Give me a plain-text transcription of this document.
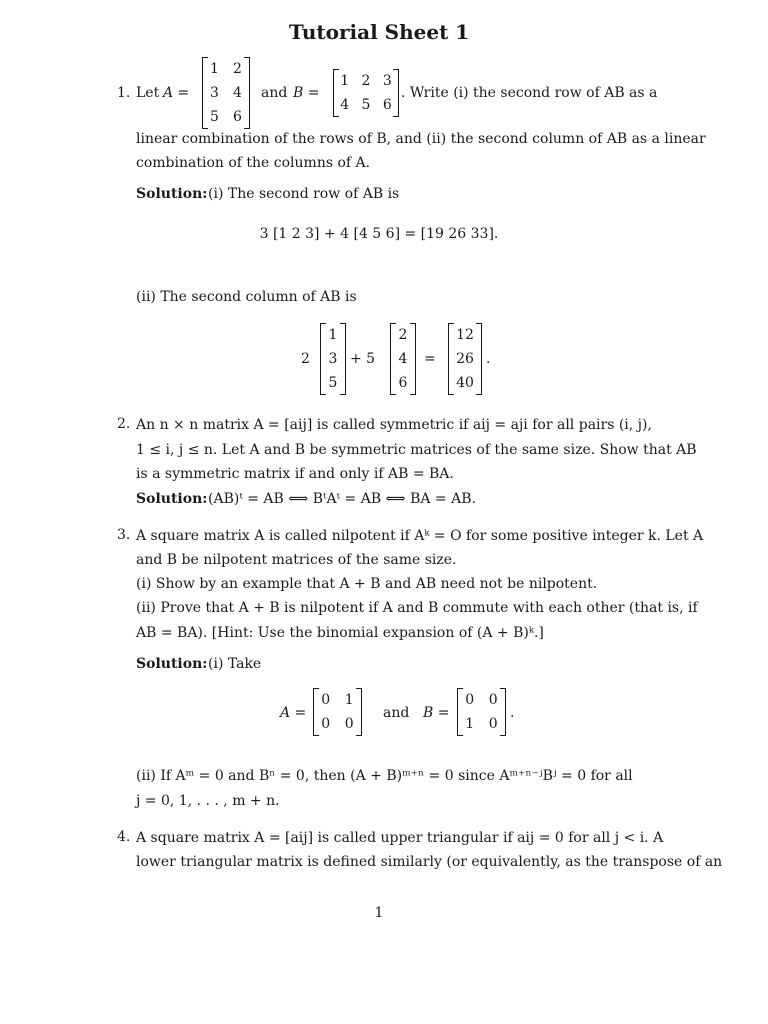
Tutorial Sheet 1
1. Let A =
1	2
3	4
5	6
and B =
1 2 3
4 5 6
. Write (i) the second row of AB as a
linear combination of the rows of B, and (ii) the second column of AB as a linear
combination of the columns of A.
Solution: (i) The second row of AB is
3 [1 2 3] + 4 [4 5 6] = [19 26 33].
(ii) The second column of AB is
2
1
3
5
+ 5
2
4
6
=
12
26
40
.
2. An n × n matrix A = [aij] is called symmetric if aij = aji for all pairs (i, j),
1 ≤ i, j ≤ n. Let A and B be symmetric matrices of the same size. Show that AB
is a symmetric matrix if and only if AB = BA.
Solution: (AB)ᵗ = AB ⟺ BᵗAᵗ = AB ⟺ BA = AB.
3. A square matrix A is called nilpotent if Aᵏ = O for some positive integer k. Let A
and B be nilpotent matrices of the same size.
(i) Show by an example that A + B and AB need not be nilpotent.
(ii) Prove that A + B is nilpotent if A and B commute with each other (that is, if
AB = BA). [Hint: Use the binomial expansion of (A + B)ᵏ.]
Solution: (i) Take
A =
0	1
0	0
and B =
0	0
1	0
.
(ii) If Aᵐ = 0 and Bⁿ = 0, then (A + B)ᵐ⁺ⁿ = 0 since Aᵐ⁺ⁿ⁻ʲBʲ = 0 for all
j = 0, 1, . . . , m + n.
4. A square matrix A = [aij] is called upper triangular if aij = 0 for all j < i. A
lower triangular matrix is defined similarly (or equivalently, as the transpose of an
1
